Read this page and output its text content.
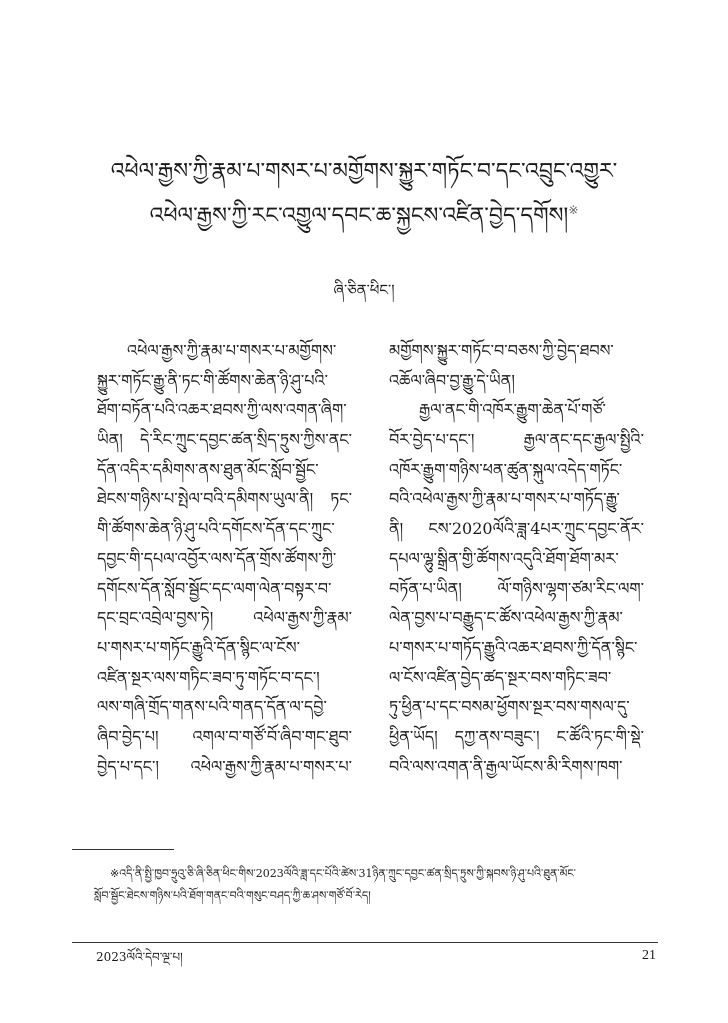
འཕེལ་རྒྱས་ཀྱི་རྣམ་པ་གསར་པ་མགྱོགས་སྐྱུར་གཏོང་བ་དང་འབྲུང་འགྱུར་
འཕེལ་རྒྱས་ཀྱི་རང་འགྱུལ་དབང་ཆ་སྐྱངས་འཛིན་བྱེད་དགོས།※
ཞི་ཅིན་ཕིང་།
འཕེལ་རྒྱས་ཀྱི་རྣམ་པ་གསར་པ་མགྱོགས་
སྐྱུར་གཏོང་རྒྱུ་ནི་ཏང་གི་ཚོགས་ཆེན་ཉི་ཤུ་པའི་
ཐོག་བཏོན་པའི་འཆར་ཐབས་ཀྱི་ལས་འགན་ཞིག་
ཡིན། དེ་རིང་ཀྲུང་དབྱང་ཚན་སྲིད་ཏྲུས་ཀྱིས་ནང་
དོན་འདིར་དམིགས་ནས་ཐུན་མོང་སློབ་སྦྱོང་
ཐེངས་གཉིས་པ་སྤེལ་བའི་དམིགས་ཡུལ་ནི། ཏང་
གི་ཚོགས་ཆེན་ཉི་ཤུ་པའི་དགོངས་དོན་དང་ཀྲུང་
དབྱང་གི་དཔལ་འབྱོར་ལས་དོན་གྲོས་ཚོགས་ཀྱི་
དགོངས་དོན་སློབ་སྦྱོང་དང་ལག་ལེན་བསྟར་བ་
དང་བྲང་འབྲེལ་བྱས་ཏེ། འཕེལ་རྒྱས་ཀྱི་རྣམ་
པ་གསར་པ་གཏོང་རྒྱུའི་དོན་སྙིང་ལ་ངོས་
འཛིན་སྔར་ལས་གཏིང་ཟབ་ཏུ་གཏོང་བ་དང་།
ལས་གཞི་གྲོད་གནས་པའི་གནད་དོན་ལ་དབྱེ་
ཞིབ་བྱེད་པ། འགལ་བ་གཙོ་བོ་ཞིབ་གང་ཐུབ་
བྱེད་པ་དང་། འཕེལ་རྒྱས་ཀྱི་རྣམ་པ་གསར་པ་
མགྱོགས་སྐྱུར་གཏོང་བ་བཅས་ཀྱི་བྱེད་ཐབས་
འཆོལ་ཞིབ་བྱ་རྒྱུ་དེ་ཡིན།
རྒྱལ་ནང་གི་འཁོར་རྒྱུག་ཆེན་པོ་གཙོ་
བོར་བྱེད་པ་དང་། རྒྱལ་ནང་དང་རྒྱལ་སྤྱིའི་
འཁོར་རྒྱུག་གཉིས་ཕན་ཚུན་སྐུལ་འདེད་གཏོང་
བའི་འཕེལ་རྒྱས་ཀྱི་རྣམ་པ་གསར་པ་གཏོད་རྒྱུ་
ནི། ངས་2020ལོའི་ཟླ་4པར་ཀྲུང་དབྱང་ནོར་
དཔལ་ལྷུ་སྒྲིན་གྱི་ཚོགས་འདུའི་ཐོག་ཐོག་མར་
བཏོན་པ་ཡིན། ལོ་གཉིས་ལྷག་ཙམ་རིང་ལག་
ལེན་བྱས་པ་བརྒྱུད་ང་ཚོས་འཕེལ་རྒྱས་ཀྱི་རྣམ་
པ་གསར་པ་གཏོད་རྒྱུའི་འཆར་ཐབས་ཀྱི་དོན་སྙིང་
ལ་ངོས་འཛིན་བྱེད་ཚད་སྔར་བས་གཏིང་ཟབ་
ཏུ་ཕྱིན་པ་དང་བསམ་ཕྱོགས་སྔར་བས་གསལ་དུ་
ཕྱིན་ཡོད། དཀྱ་ནས་བཟུང་། ང་ཚོའི་ཏང་གི་སྡེ་
བའི་ལས་འགན་ནི་རྒྱལ་ཡོངས་མི་རིགས་ཁག་
※འདི་ནི་སྤྱི་ཁྱབ་ཧྲུའུ་ཅི་ཞི་ཅིན་ཕིང་གིས་2023ལོའི་ཟླ་དང་པོའི་ཚེས་31ཉིན་ཀྲུང་དབྱང་ཚན་སྲིད་ཏྲུས་ཀྱི་སྐབས་ཉི་ཤུ་པའི་ཐུན་མོང་
སློབ་སྦྱོང་ཐེངས་གཉིས་པའི་ཐོག་གནང་བའི་གསུང་བཤད་ཀྱི་ཆ་ཤས་གཙོ་བོ་རེད།
2023ལོའི་དེབ་ལྔ་པ།	21
